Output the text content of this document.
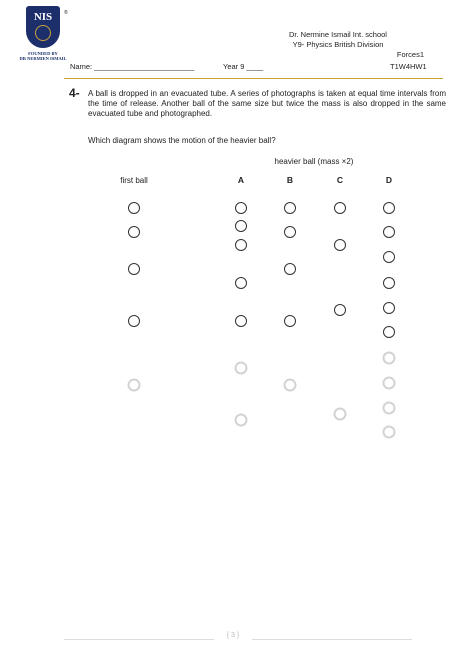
NIS	®
FOUNDED BY
DR NERMIEN ISMAIL
Dr. Nermine Ismail Int. school
Y9- Physics British Division
Forces1
Name: ________________________	Year 9 ____	T1W4HW1
4- A ball is dropped in an evacuated tube. A series of photographs is taken at equal time intervals from the time of release. Another ball of the same size but twice the mass is also dropped in the same evacuated tube and photographed.
Which diagram shows the motion of the heavier ball?
heavier ball (mass ×2)
first ball	A	B	C	D
{ 3 }
